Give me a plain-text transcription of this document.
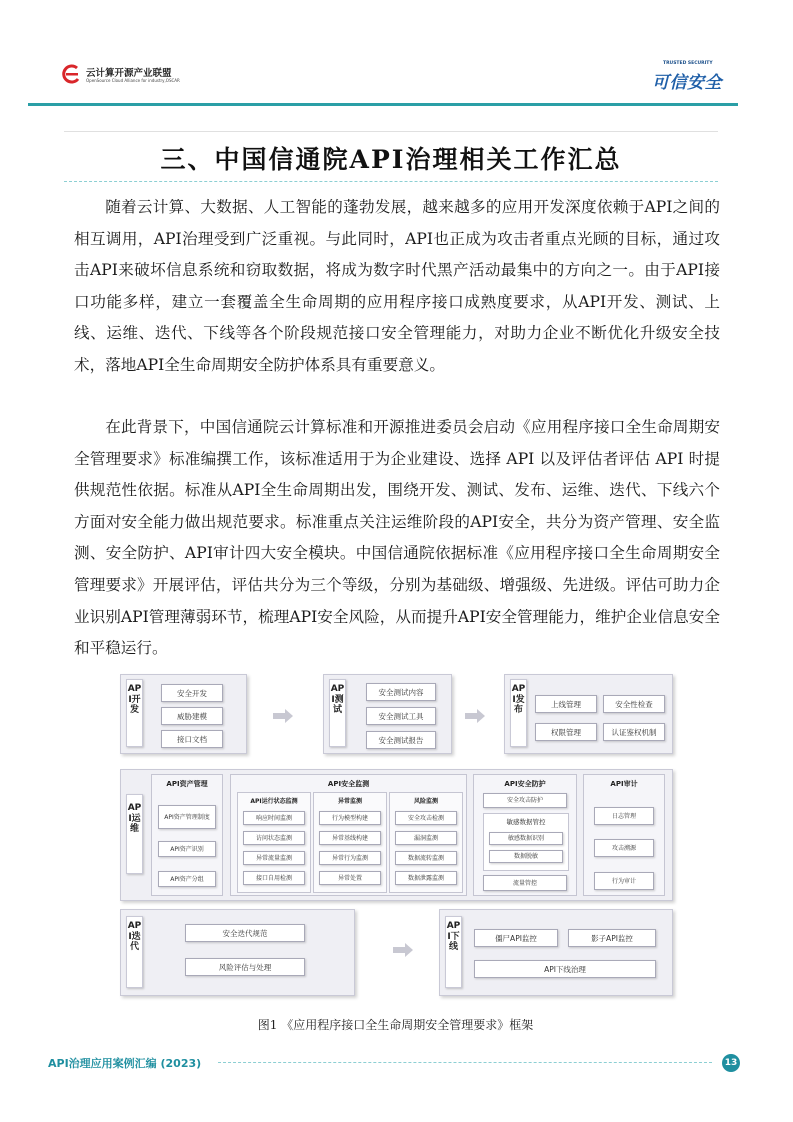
云计算开源产业联盟
OpenSource Cloud Alliance for industry,OSCAR
TRUSTED SECURITY
可信安全
三、中国信通院API治理相关工作汇总

随着云计算、大数据、人工智能的蓬勃发展，越来越多的应用开发深度依赖于API之间的相互调用，API治理受到广泛重视。与此同时，API也正成为攻击者重点光顾的目标，通过攻击API来破坏信息系统和窃取数据，将成为数字时代黑产活动最集中的方向之一。由于API接口功能多样，建立一套覆盖全生命周期的应用程序接口成熟度要求，从API开发、测试、上线、运维、迭代、下线等各个阶段规范接口安全管理能力，对助力企业不断优化升级安全技术，落地API全生命周期安全防护体系具有重要意义。

在此背景下，中国信通院云计算标准和开源推进委员会启动《应用程序接口全生命周期安全管理要求》标准编撰工作，该标准适用于为企业建设、选择 API 以及评估者评估 API 时提供规范性依据。标准从API全生命周期出发，围绕开发、测试、发布、运维、迭代、下线六个方面对安全能力做出规范要求。标准重点关注运维阶段的API安全，共分为资产管理、安全监测、安全防护、API审计四大安全模块。中国信通院依据标准《应用程序接口全生命周期安全管理要求》开展评估，评估共分为三个等级，分别为基础级、增强级、先进级。评估可助力企业识别API管理薄弱环节，梳理API安全风险，从而提升API安全管理能力，维护企业信息安全和平稳运行。

API开发
安全开发
威胁建模
接口文档
API测试
安全测试内容
安全测试工具
安全测试报告
API发布
上线管理	安全性检查
权限管理	认证鉴权机制
API运维
API资产管理
API资产管理制度
API资产识别
API资产分组
API安全监测
API运行状态监测
响应时间监测
访问状态监测
异常流量监测
接口自用检测
异常监测
行为模型构建
异常基线构建
异常行为监测
异常处置
风险监测
安全攻击检测
漏洞监测
数据流转监测
数据泄露监测
API安全防护
安全攻击防护
敏感数据管控
敏感数据识别
数据脱敏
流量管控
API审计
日志管理
攻击溯源
行为审计
API迭代
安全迭代规范
风险评估与处理
API下线
僵尸API监控	影子API监控
API下线治理
图1 《应用程序接口全生命周期安全管理要求》框架
API治理应用案例汇编 (2023)	13
